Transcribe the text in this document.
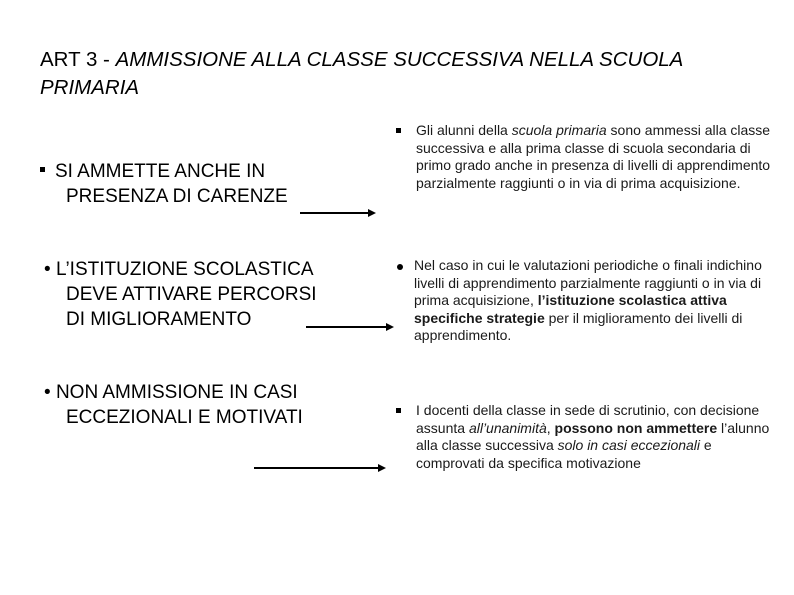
ART 3 - AMMISSIONE ALLA CLASSE SUCCESSIVA NELLA SCUOLA PRIMARIA
SI AMMETTE ANCHE IN
PRESENZA DI CARENZE
• L’ISTITUZIONE SCOLASTICA
DEVE ATTIVARE PERCORSI
DI MIGLIORAMENTO
• NON AMMISSIONE IN CASI
ECCEZIONALI E MOTIVATI
Gli alunni della scuola primaria sono ammessi alla classe successiva e alla prima classe di scuola secondaria di primo grado anche in presenza di livelli di apprendimento parzialmente raggiunti o in via di prima acquisizione.
Nel caso in cui le valutazioni periodiche o finali indichino livelli di apprendimento parzialmente raggiunti o in via di prima acquisizione, l’istituzione scolastica attiva specifiche strategie per il miglioramento dei livelli di apprendimento.
I docenti della classe in sede di scrutinio, con decisione assunta all’unanimità, possono non ammettere l’alunno alla classe successiva solo in casi eccezionali e comprovati da specifica motivazione
